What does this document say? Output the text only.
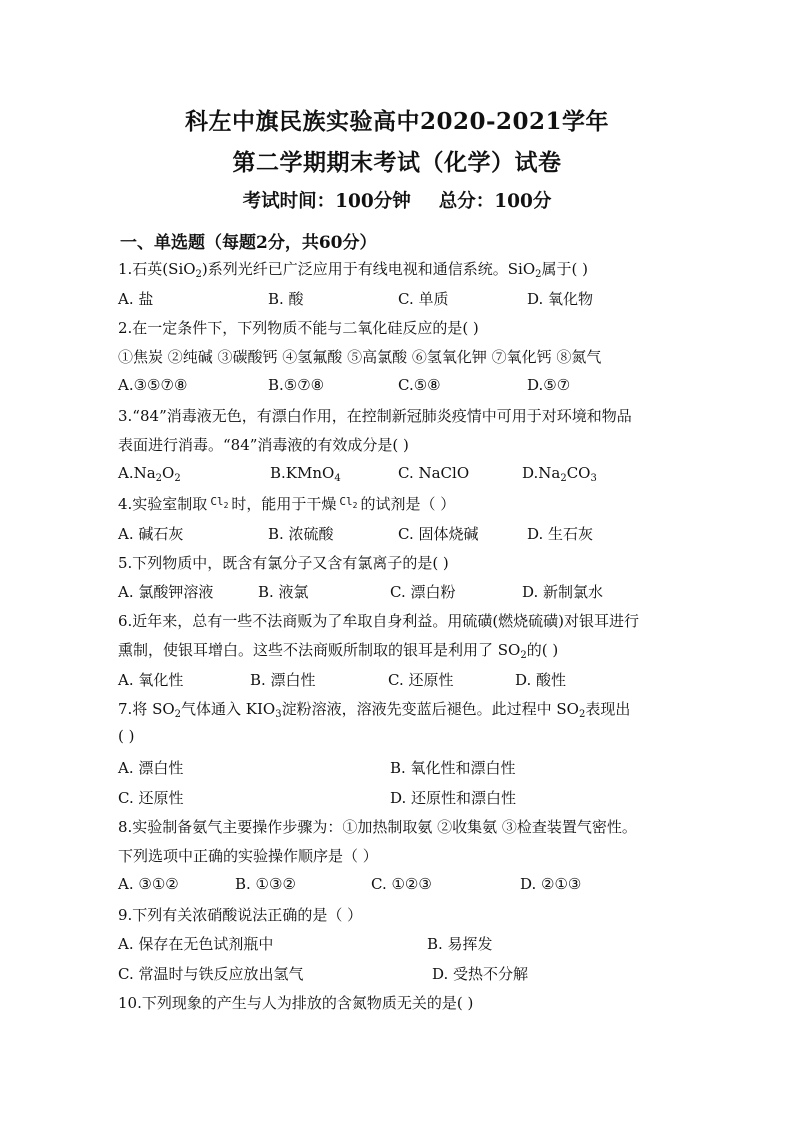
科左中旗民族实验高中2020-2021学年
第二学期期末考试（化学）试卷
考试时间：100分钟 总分：100分
一、单选题（每题2分，共60分）
1.石英(SiO$_2$)系列光纤已广泛应用于有线电视和通信系统。SiO$_2$属于( )
A. 盐	B. 酸	C. 单质	D. 氧化物
2.在一定条件下，下列物质不能与二氧化硅反应的是( )
①焦炭 ②纯碱 ③碳酸钙 ④氢氟酸 ⑤高氯酸 ⑥氢氧化钾 ⑦氧化钙 ⑧氮气
A.③⑤⑦⑧	B.⑤⑦⑧	C.⑤⑧	D.⑤⑦
3.“84”消毒液无色，有漂白作用，在控制新冠肺炎疫情中可用于对环境和物品
表面进行消毒。“84”消毒液的有效成分是( )
$A.Na_2O_2$	B.KMnO$_4$	C. NaClO	$D.Na_2CO_3$
4.实验室制取 $^{Cl_2}$ 时，能用于干燥 $^{Cl_2}$ 的试剂是（ ）
A. 碱石灰	B. 浓硫酸	C. 固体烧碱	D. 生石灰
5.下列物质中，既含有氯分子又含有氯离子的是( )
A. 氯酸钾溶液	B. 液氯	C. 漂白粉	D. 新制氯水
6.近年来，总有一些不法商贩为了牟取自身利益。用硫磺(燃烧硫磺)对银耳进行
熏制，使银耳增白。这些不法商贩所制取的银耳是利用了 $SO_2$的( )
A. 氧化性	B. 漂白性	C. 还原性	D. 酸性
7.将 $SO_2$气体通入 $KIO_3$淀粉溶液，溶液先变蓝后褪色。此过程中 $SO_2$表现出
( )
A. 漂白性	B. 氧化性和漂白性
C. 还原性	D. 还原性和漂白性
8.实验制备氨气主要操作步骤为：①加热制取氨 ②收集氨 ③检查装置气密性。
下列选项中正确的实验操作顺序是（ ）
A. ③①②	B. ①③②	C. ①②③	D. ②①③
9.下列有关浓硝酸说法正确的是（ ）
A. 保存在无色试剂瓶中	B. 易挥发
C. 常温时与铁反应放出氢气	D. 受热不分解
10.下列现象的产生与人为排放的含氮物质无关的是( )
